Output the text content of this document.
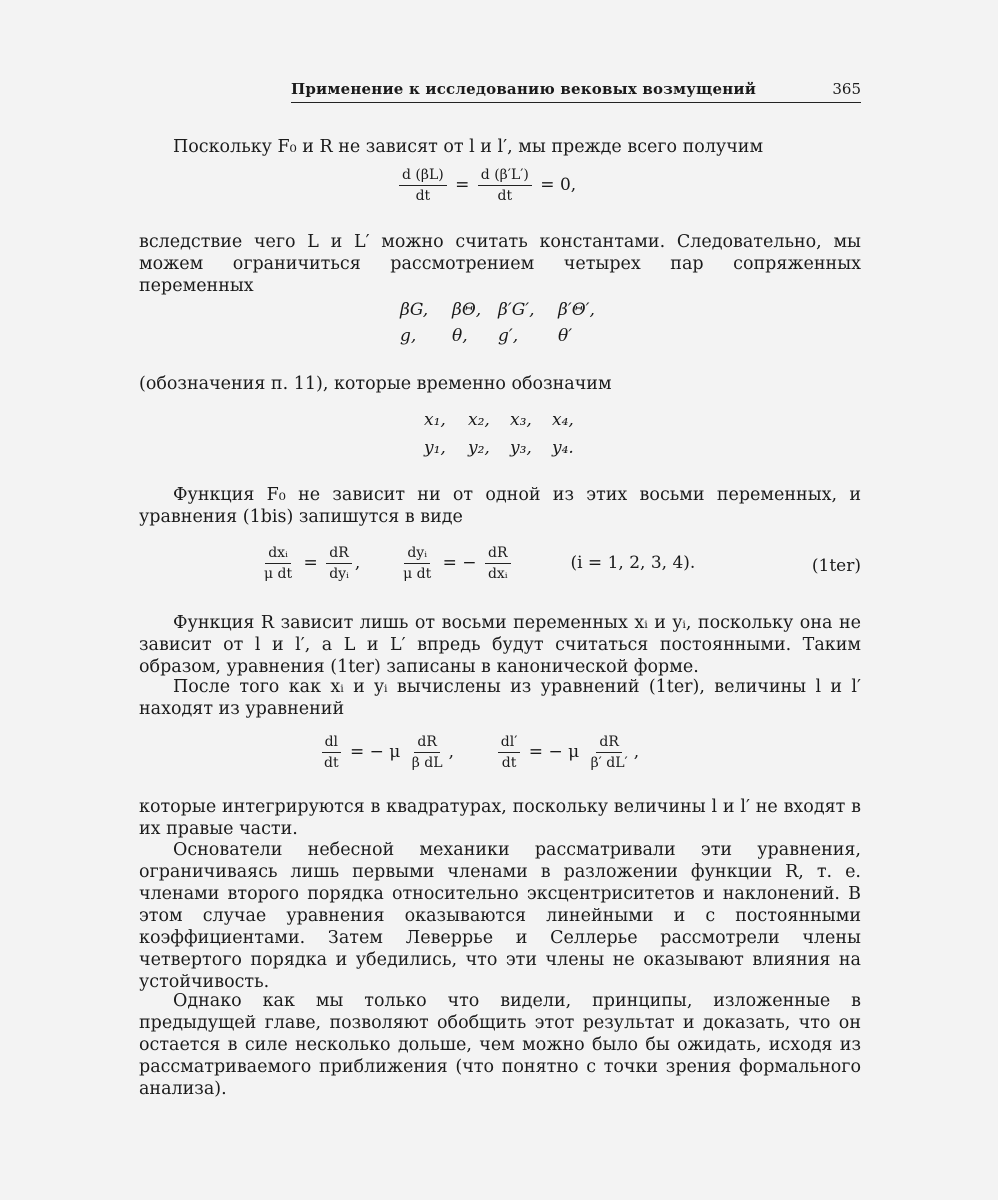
Применение к исследованию вековых возмущений	365

Поскольку F₀ и R не зависят от l и l′, мы прежде всего получим

$\frac{d (\beta L)}{dt} = \frac{d (\beta'L')}{dt} = 0$,

вследствие чего L и L′ можно считать константами. Следовательно, мы можем ограничиться рассмотрением четырех пар сопряженных переменных

βG, βΘ, β′G′, β′Θ′,
g, θ, g′, θ′

(обозначения п. 11), которые временно обозначим

x₁, x₂, x₃, x₄,
y₁, y₂, y₃, y₄.

Функция F₀ не зависит ни от одной из этих восьми переменных, и уравнения (1bis) запишутся в виде

$\frac{\text{dxᵢ}}{\text{μ dt}} = \frac{dR}{\text{dyᵢ}}$ , $\frac{\text{dyᵢ}}{\text{μ dt}}$ = − $\frac{dR}{\text{dxᵢ}}$	(i = 1, 2, 3, 4).	(1ter)

Функция R зависит лишь от восьми переменных xᵢ и yᵢ, поскольку она не зависит от l и l′, а L и L′ впредь будут считаться постоянными. Таким образом, уравнения (1ter) записаны в канонической форме.

После того как xᵢ и yᵢ вычислены из уравнений (1ter), величины l и l′ находят из уравнений

$\frac{dl}{dt}$ = − μ $\frac{dR}{\text{β dL}}$ ,	$\frac{dl'}{dt}$ = − μ $\frac{dR}{\beta' dL'}$ ,

которые интегрируются в квадратурах, поскольку величины l и l′ не входят в их правые части.

Основатели небесной механики рассматривали эти уравнения, ограничиваясь лишь первыми членами в разложении функции R, т. е. членами второго порядка относительно эксцентриситетов и наклонений. В этом случае уравнения оказываются линейными и с постоянными коэффициентами. Затем Леверрье и Селлерье рассмотрели члены четвертого порядка и убедились, что эти члены не оказывают влияния на устойчивость.

Однако как мы только что видели, принципы, изложенные в предыдущей главе, позволяют обобщить этот результат и доказать, что он остается в силе несколько дольше, чем можно было бы ожидать, исходя из рассматриваемого приближения (что понятно с точки зрения формального анализа).
